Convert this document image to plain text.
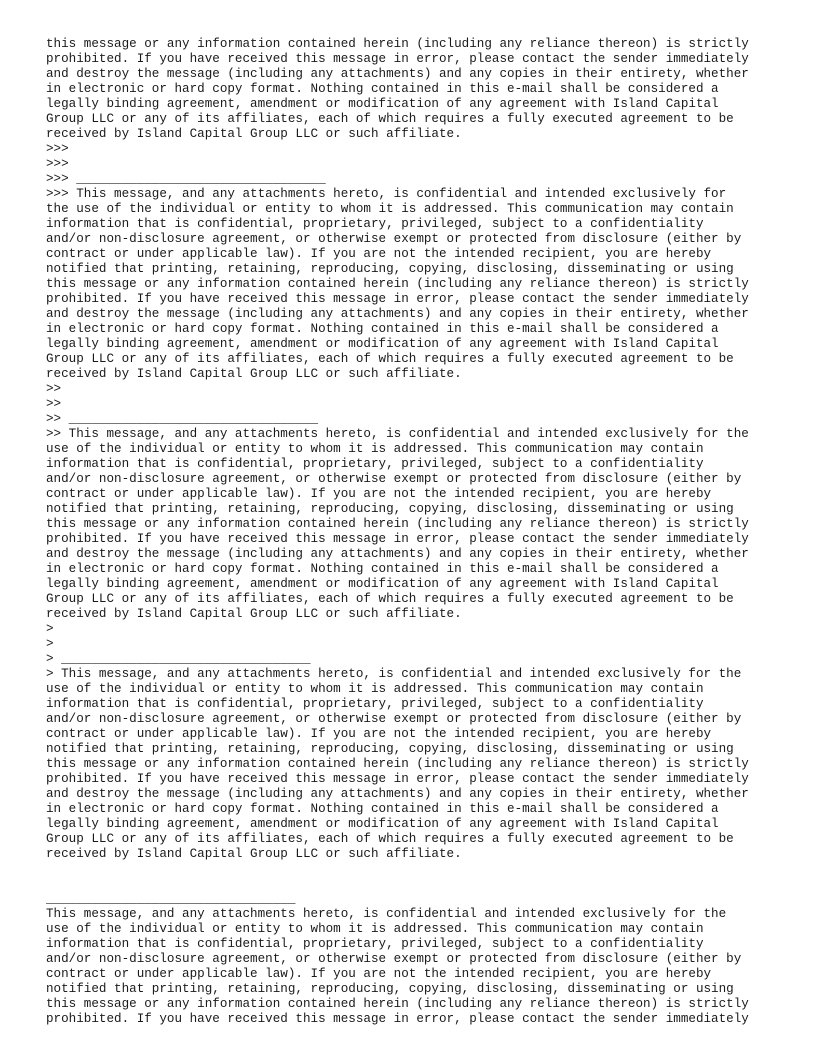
this message or any information contained herein (including any reliance thereon) is strictly
prohibited. If you have received this message in error, please contact the sender immediately
and destroy the message (including any attachments) and any copies in their entirety, whether
in electronic or hard copy format. Nothing contained in this e-mail shall be considered a
legally binding agreement, amendment or modification of any agreement with Island Capital
Group LLC or any of its affiliates, each of which requires a fully executed agreement to be
received by Island Capital Group LLC or such affiliate.
>>>
>>>
>>> _________________________________
>>> This message, and any attachments hereto, is confidential and intended exclusively for
the use of the individual or entity to whom it is addressed. This communication may contain
information that is confidential, proprietary, privileged, subject to a confidentiality
and/or non-disclosure agreement, or otherwise exempt or protected from disclosure (either by
contract or under applicable law). If you are not the intended recipient, you are hereby
notified that printing, retaining, reproducing, copying, disclosing, disseminating or using
this message or any information contained herein (including any reliance thereon) is strictly
prohibited. If you have received this message in error, please contact the sender immediately
and destroy the message (including any attachments) and any copies in their entirety, whether
in electronic or hard copy format. Nothing contained in this e-mail shall be considered a
legally binding agreement, amendment or modification of any agreement with Island Capital
Group LLC or any of its affiliates, each of which requires a fully executed agreement to be
received by Island Capital Group LLC or such affiliate.
>>
>>
>> _________________________________
>> This message, and any attachments hereto, is confidential and intended exclusively for the
use of the individual or entity to whom it is addressed. This communication may contain
information that is confidential, proprietary, privileged, subject to a confidentiality
and/or non-disclosure agreement, or otherwise exempt or protected from disclosure (either by
contract or under applicable law). If you are not the intended recipient, you are hereby
notified that printing, retaining, reproducing, copying, disclosing, disseminating or using
this message or any information contained herein (including any reliance thereon) is strictly
prohibited. If you have received this message in error, please contact the sender immediately
and destroy the message (including any attachments) and any copies in their entirety, whether
in electronic or hard copy format. Nothing contained in this e-mail shall be considered a
legally binding agreement, amendment or modification of any agreement with Island Capital
Group LLC or any of its affiliates, each of which requires a fully executed agreement to be
received by Island Capital Group LLC or such affiliate.
>
>
> _________________________________
> This message, and any attachments hereto, is confidential and intended exclusively for the
use of the individual or entity to whom it is addressed. This communication may contain
information that is confidential, proprietary, privileged, subject to a confidentiality
and/or non-disclosure agreement, or otherwise exempt or protected from disclosure (either by
contract or under applicable law). If you are not the intended recipient, you are hereby
notified that printing, retaining, reproducing, copying, disclosing, disseminating or using
this message or any information contained herein (including any reliance thereon) is strictly
prohibited. If you have received this message in error, please contact the sender immediately
and destroy the message (including any attachments) and any copies in their entirety, whether
in electronic or hard copy format. Nothing contained in this e-mail shall be considered a
legally binding agreement, amendment or modification of any agreement with Island Capital
Group LLC or any of its affiliates, each of which requires a fully executed agreement to be
received by Island Capital Group LLC or such affiliate.
_________________________________
This message, and any attachments hereto, is confidential and intended exclusively for the
use of the individual or entity to whom it is addressed. This communication may contain
information that is confidential, proprietary, privileged, subject to a confidentiality
and/or non-disclosure agreement, or otherwise exempt or protected from disclosure (either by
contract or under applicable law). If you are not the intended recipient, you are hereby
notified that printing, retaining, reproducing, copying, disclosing, disseminating or using
this message or any information contained herein (including any reliance thereon) is strictly
prohibited. If you have received this message in error, please contact the sender immediately
